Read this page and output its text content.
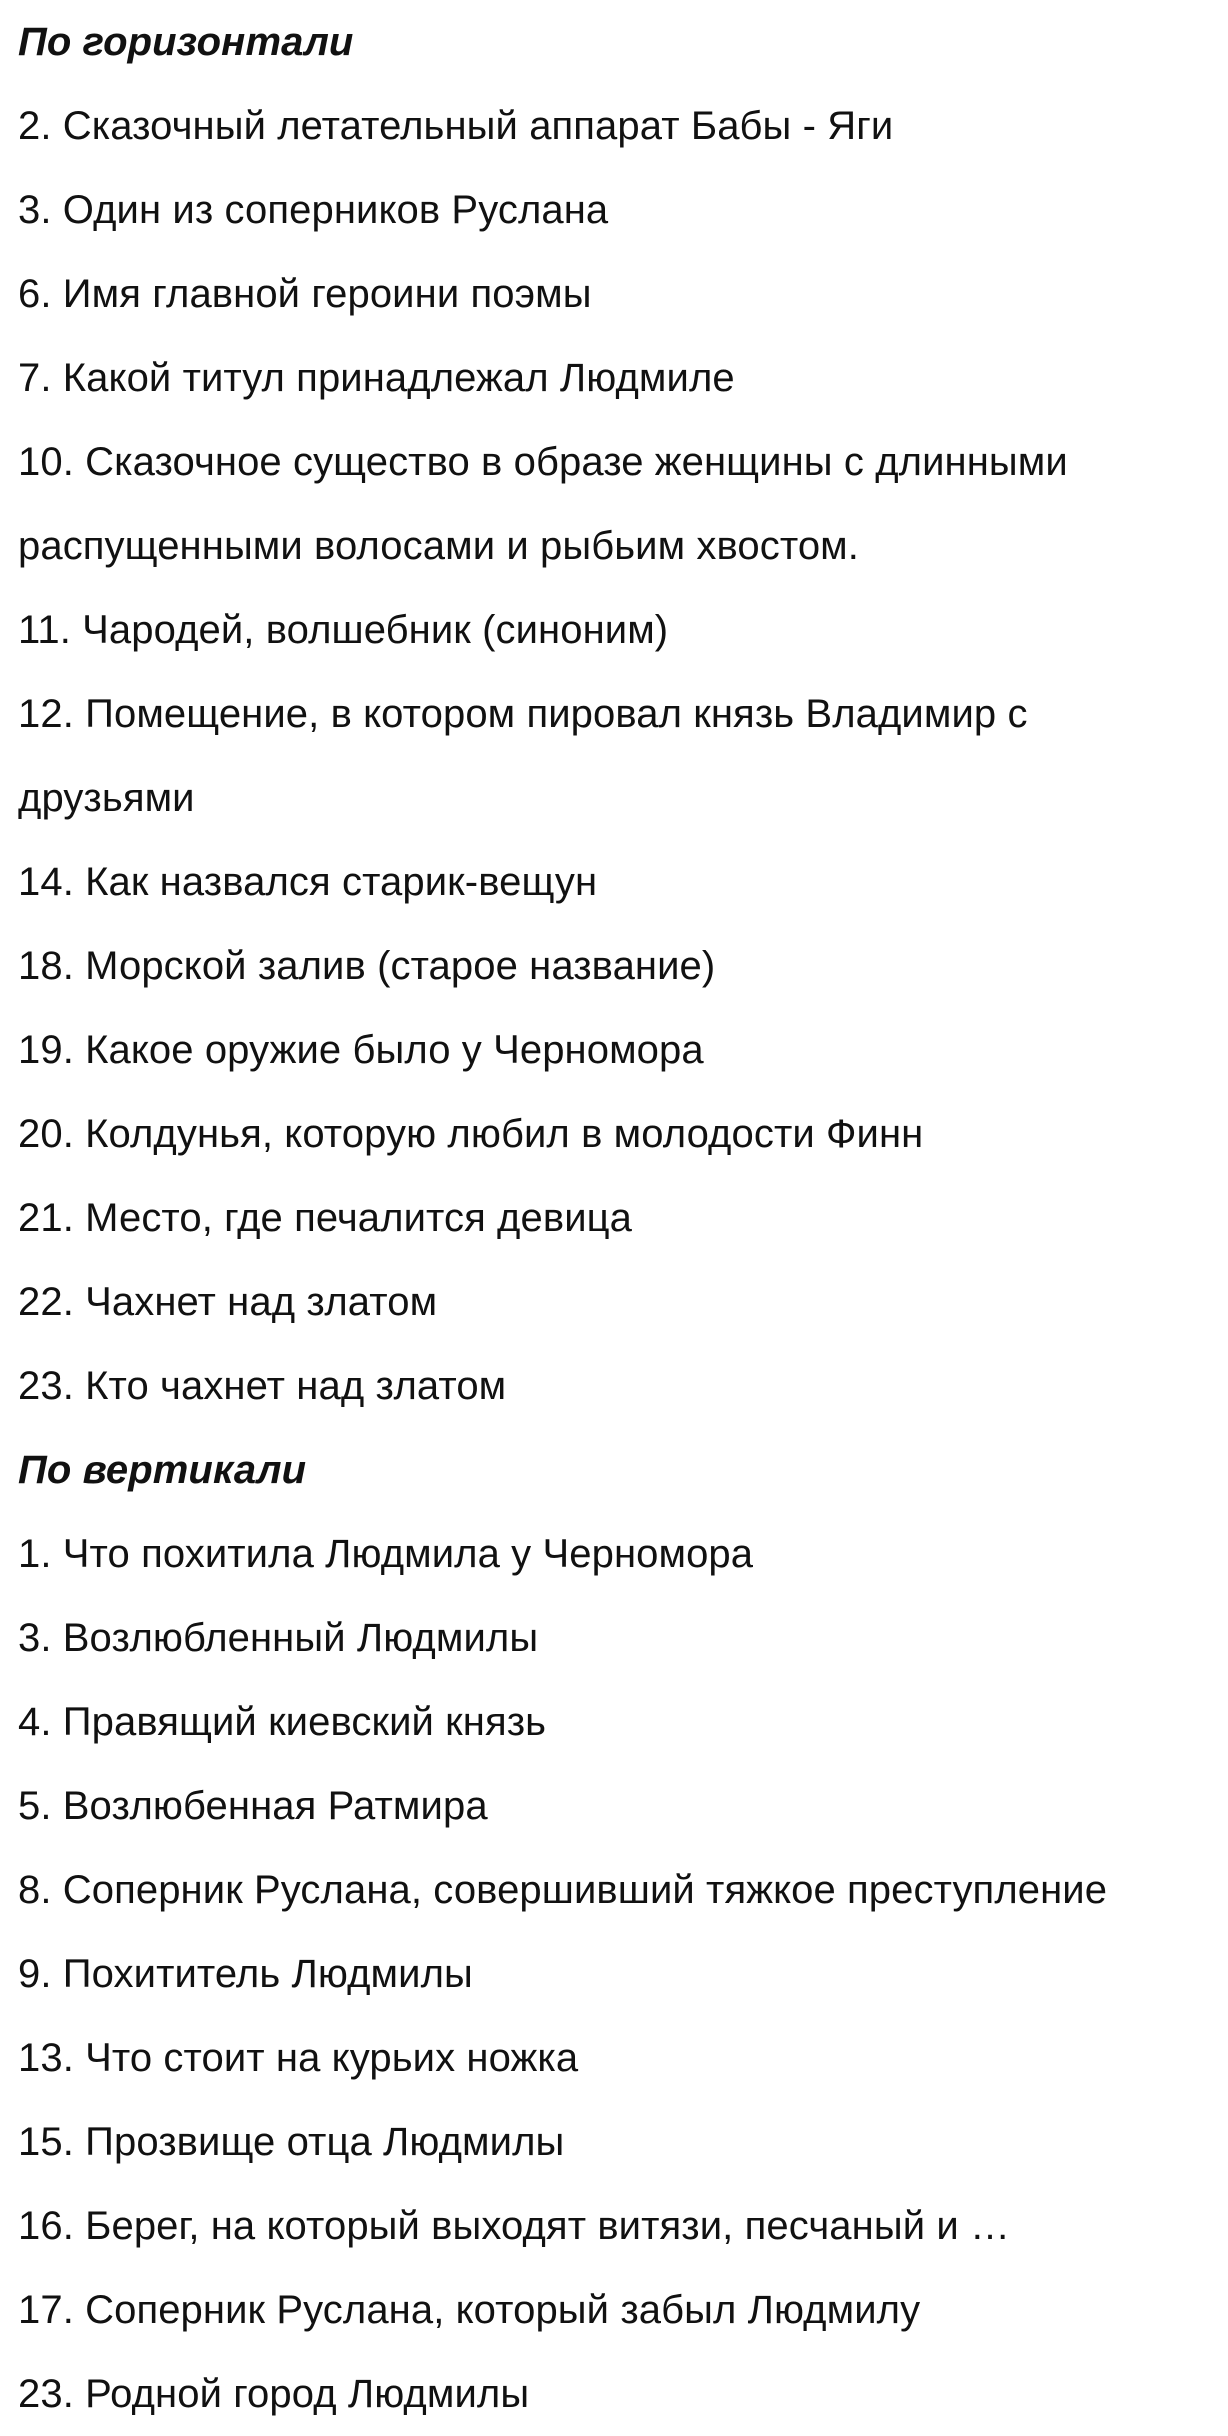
По горизонтали
2. Сказочный летательный аппарат Бабы - Яги
3. Один из соперников Руслана
6. Имя главной героини поэмы
7. Какой титул принадлежал Людмиле
10. Сказочное существо в образе женщины с длинными
распущенными волосами и рыбьим хвостом.
11. Чародей, волшебник (синоним)
12. Помещение, в котором пировал князь Владимир с
друзьями
14. Как назвался старик-вещун
18. Морской залив (старое название)
19. Какое оружие было у Черномора
20. Колдунья, которую любил в молодости Финн
21. Место, где печалится девица
22. Чахнет над златом
23. Кто чахнет над златом
По вертикали
1. Что похитила Людмила у Черномора
3. Возлюбленный Людмилы
4. Правящий киевский князь
5. Возлюбенная Ратмира
8. Соперник Руслана, совершивший тяжкое преступление
9. Похититель Людмилы
13. Что стоит на курьих ножка
15. Прозвище отца Людмилы
16. Берег, на который выходят витязи, песчаный и …
17. Соперник Руслана, который забыл Людмилу
23. Родной город Людмилы
